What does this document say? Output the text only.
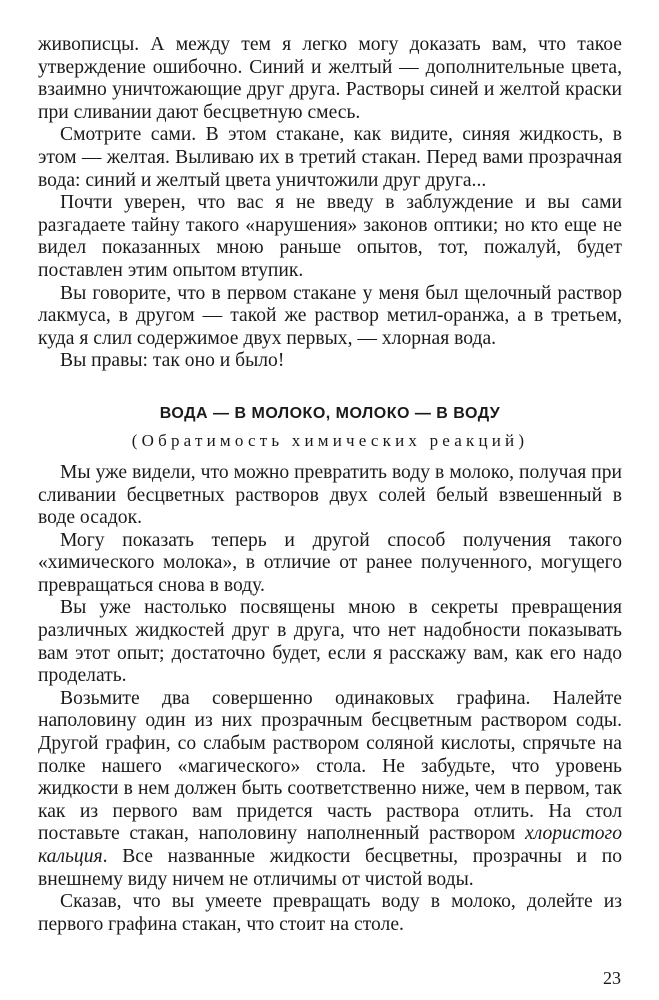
живописцы. А между тем я легко могу доказать вам, что такое утверждение ошибочно. Синий и желтый — дополнительные цвета, взаимно уничтожающие друг друга. Растворы синей и желтой краски при сливании дают бесцветную смесь.

Смотрите сами. В этом стакане, как видите, синяя жидкость, в этом — желтая. Выливаю их в третий стакан. Перед вами прозрачная вода: синий и желтый цвета уничтожили друг друга...

Почти уверен, что вас я не введу в заблуждение и вы сами разгадаете тайну такого «нарушения» законов оптики; но кто еще не видел показанных мною раньше опытов, тот, пожалуй, будет поставлен этим опытом втупик.

Вы говорите, что в первом стакане у меня был щелочный раствор лакмуса, в другом — такой же раствор метил-оранжа, а в третьем, куда я слил содержимое двух первых, — хлорная вода.

Вы правы: так оно и было!

ВОДА — В МОЛОКО, МОЛОКО — В ВОДУ
(Обратимость химических реакций)

Мы уже видели, что можно превратить воду в молоко, получая при сливании бесцветных растворов двух солей белый взвешенный в воде осадок.

Могу показать теперь и другой способ получения такого «химического молока», в отличие от ранее полученного, могущего превращаться снова в воду.

Вы уже настолько посвящены мною в секреты превращения различных жидкостей друг в друга, что нет надобности показывать вам этот опыт; достаточно будет, если я расскажу вам, как его надо проделать.

Возьмите два совершенно одинаковых графина. Налейте наполовину один из них прозрачным бесцветным раствором соды. Другой графин, со слабым раствором соляной кислоты, спрячьте на полке нашего «магического» стола. Не забудьте, что уровень жидкости в нем должен быть соответственно ниже, чем в первом, так как из первого вам придется часть раствора отлить. На стол поставьте стакан, наполовину наполненный раствором хлористого кальция. Все названные жидкости бесцветны, прозрачны и по внешнему виду ничем не отличимы от чистой воды.

Сказав, что вы умеете превращать воду в молоко, долейте из первого графина стакан, что стоит на столе.

23
